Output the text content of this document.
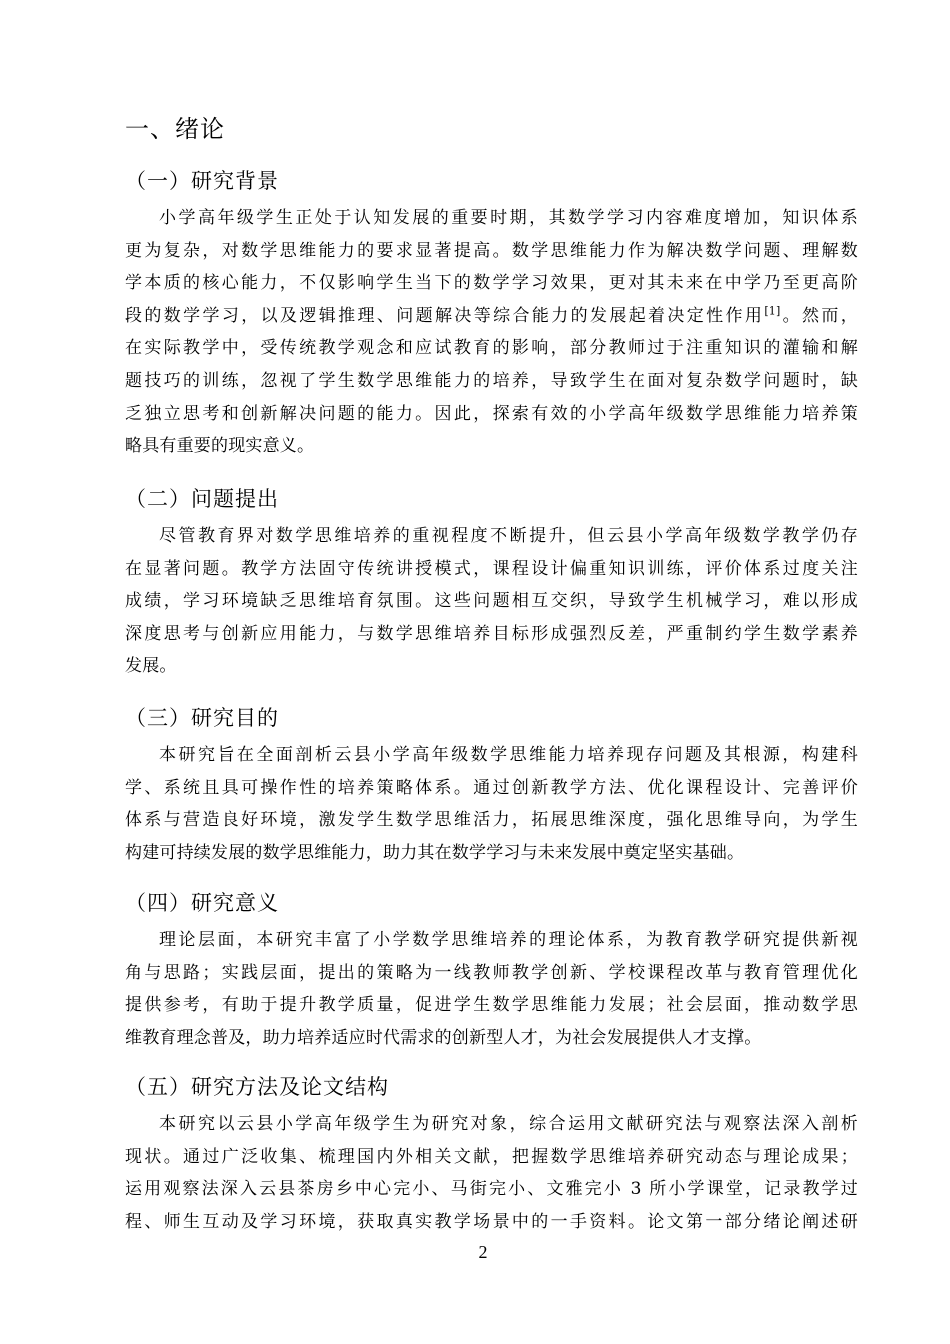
一、绪论
（一）研究背景

小学高年级学生正处于认知发展的重要时期，其数学学习内容难度增加，知识体系
更为复杂，对数学思维能力的要求显著提高。数学思维能力作为解决数学问题、理解数
学本质的核心能力，不仅影响学生当下的数学学习效果，更对其未来在中学乃至更高阶
段的数学学习，以及逻辑推理、问题解决等综合能力的发展起着决定性作用[1]。然而，
在实际教学中，受传统教学观念和应试教育的影响，部分教师过于注重知识的灌输和解
题技巧的训练，忽视了学生数学思维能力的培养，导致学生在面对复杂数学问题时，缺
乏独立思考和创新解决问题的能力。因此，探索有效的小学高年级数学思维能力培养策
略具有重要的现实意义。

（二）问题提出

尽管教育界对数学思维培养的重视程度不断提升，但云县小学高年级数学教学仍存
在显著问题。教学方法固守传统讲授模式，课程设计偏重知识训练，评价体系过度关注
成绩，学习环境缺乏思维培育氛围。这些问题相互交织，导致学生机械学习，难以形成
深度思考与创新应用能力，与数学思维培养目标形成强烈反差，严重制约学生数学素养
发展。

（三）研究目的

本研究旨在全面剖析云县小学高年级数学思维能力培养现存问题及其根源，构建科
学、系统且具可操作性的培养策略体系。通过创新教学方法、优化课程设计、完善评价
体系与营造良好环境，激发学生数学思维活力，拓展思维深度，强化思维导向，为学生
构建可持续发展的数学思维能力，助力其在数学学习与未来发展中奠定坚实基础。

（四）研究意义

理论层面，本研究丰富了小学数学思维培养的理论体系，为教育教学研究提供新视
角与思路；实践层面，提出的策略为一线教师教学创新、学校课程改革与教育管理优化
提供参考，有助于提升教学质量，促进学生数学思维能力发展；社会层面，推动数学思
维教育理念普及，助力培养适应时代需求的创新型人才，为社会发展提供人才支撑。

（五）研究方法及论文结构

本研究以云县小学高年级学生为研究对象，综合运用文献研究法与观察法深入剖析
现状。通过广泛收集、梳理国内外相关文献，把握数学思维培养研究动态与理论成果；
运用观察法深入云县茶房乡中心完小、马街完小、文雅完小 3 所小学课堂，记录教学过
程、师生互动及学习环境，获取真实教学场景中的一手资料。论文第一部分绪论阐述研

2
